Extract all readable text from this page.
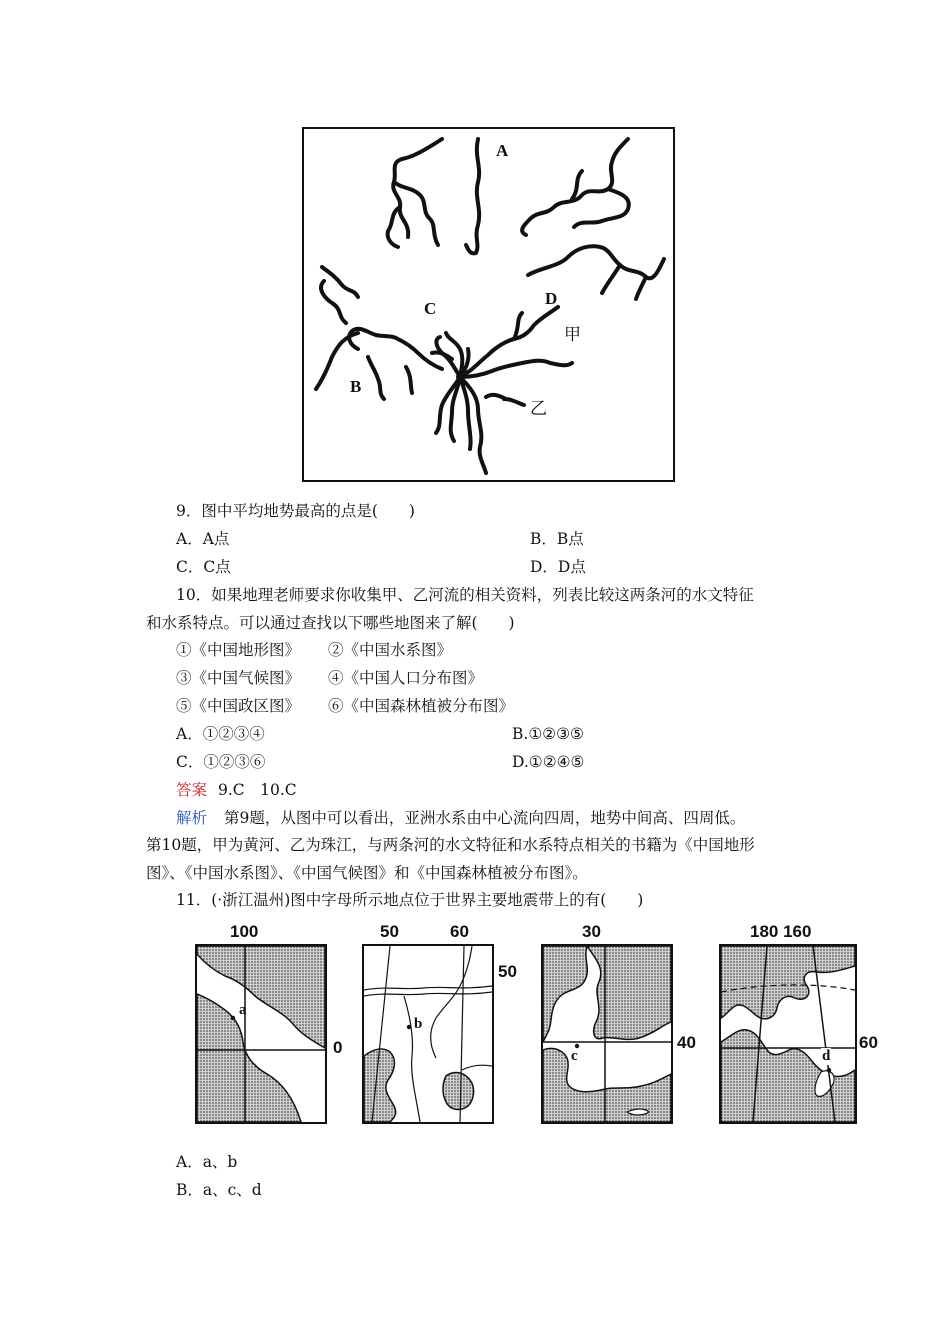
A
C
D
甲
B
乙
9．图中平均地势最高的点是(　　)
A．A点	B．B点
C．C点	D．D点
10．如果地理老师要求你收集甲、乙河流的相关资料，列表比较这两条河的水文特征
和水系特点。可以通过查找以下哪些地图来了解(　　)
①《中国地形图》 ②《中国水系图》
③《中国气候图》 ④《中国人口分布图》
⑤《中国政区图》 ⑥《中国森林植被分布图》
A．①②③④	B.①②③⑤
C．①②③⑥	D.①②④⑤
答案 9.C　10.C
解析 第9题，从图中可以看出，亚洲水系由中心流向四周，地势中间高、四周低。
第10题，甲为黄河、乙为珠江，与两条河的水文特征和水系特点相关的书籍为《中国地形
图》、《中国水系图》、《中国气候图》和《中国森林植被分布图》。
11．(·浙江温州)图中字母所示地点位于世界主要地震带上的有(　　)
100
a
0
50	60
b
50
30
c
40
180 160
d
60
A．a、b
B．a、c、d
